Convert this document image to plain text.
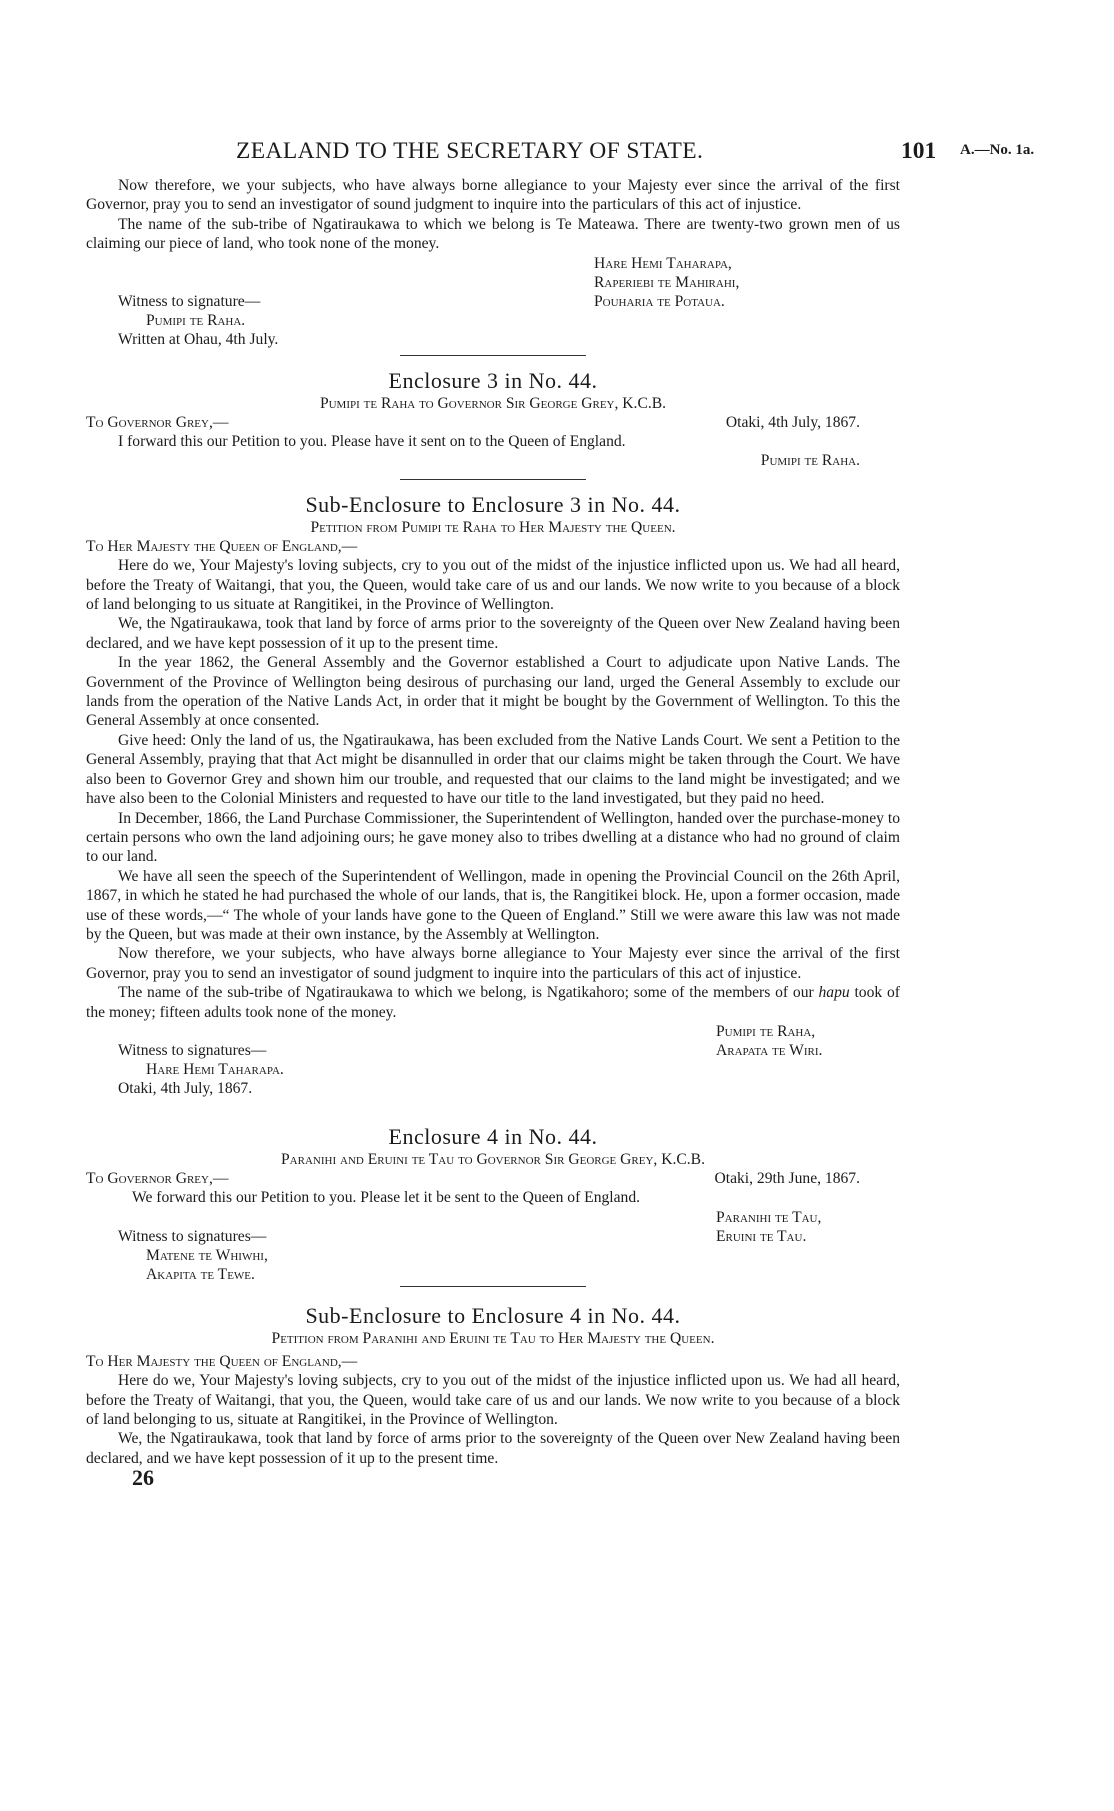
ZEALAND TO THE SECRETARY OF STATE.	101 A.—No. 1a.

Now therefore, we your subjects, who have always borne allegiance to your Majesty ever since the arrival of the first Governor, pray you to send an investigator of sound judgment to inquire into the particulars of this act of injustice.

The name of the sub-tribe of Ngatiraukawa to which we belong is Te Mateawa. There are twenty-two grown men of us claiming our piece of land, who took none of the money.

Hare Hemi Taharapa,
Raperiebi te Mahirahi,
Pouharia te Potaua.
Witness to signature—
Pumipi te Raha.
Written at Ohau, 4th July.
Enclosure 3 in No. 44.
Pumipi te Raha to Governor Sir George Grey, K.C.B.
To Governor Grey,—	Otaki, 4th July, 1867.
I forward this our Petition to you. Please have it sent on to the Queen of England.
Pumipi te Raha.
Sub-Enclosure to Enclosure 3 in No. 44.
Petition from Pumipi te Raha to Her Majesty the Queen.
To Her Majesty the Queen of England,—

Here do we, Your Majesty's loving subjects, cry to you out of the midst of the injustice inflicted upon us. We had all heard, before the Treaty of Waitangi, that you, the Queen, would take care of us and our lands. We now write to you because of a block of land belonging to us situate at Rangitikei, in the Province of Wellington.

We, the Ngatiraukawa, took that land by force of arms prior to the sovereignty of the Queen over New Zealand having been declared, and we have kept possession of it up to the present time.

In the year 1862, the General Assembly and the Governor established a Court to adjudicate upon Native Lands. The Government of the Province of Wellington being desirous of purchasing our land, urged the General Assembly to exclude our lands from the operation of the Native Lands Act, in order that it might be bought by the Government of Wellington. To this the General Assembly at once consented.

Give heed: Only the land of us, the Ngatiraukawa, has been excluded from the Native Lands Court. We sent a Petition to the General Assembly, praying that that Act might be disannulled in order that our claims might be taken through the Court. We have also been to Governor Grey and shown him our trouble, and requested that our claims to the land might be investigated; and we have also been to the Colonial Ministers and requested to have our title to the land investigated, but they paid no heed.

In December, 1866, the Land Purchase Commissioner, the Superintendent of Wellington, handed over the purchase-money to certain persons who own the land adjoining ours; he gave money also to tribes dwelling at a distance who had no ground of claim to our land.

We have all seen the speech of the Superintendent of Wellingon, made in opening the Provincial Council on the 26th April, 1867, in which he stated he had purchased the whole of our lands, that is, the Rangitikei block. He, upon a former occasion, made use of these words,—“ The whole of your lands have gone to the Queen of England.” Still we were aware this law was not made by the Queen, but was made at their own instance, by the Assembly at Wellington.

Now therefore, we your subjects, who have always borne allegiance to Your Majesty ever since the arrival of the first Governor, pray you to send an investigator of sound judgment to inquire into the particulars of this act of injustice.

The name of the sub-tribe of Ngatiraukawa to which we belong, is Ngatikahoro; some of the members of our hapu took of the money; fifteen adults took none of the money.

Pumipi te Raha,
Arapata te Wiri.
Witness to signatures—
Hare Hemi Taharapa.
Otaki, 4th July, 1867.
Enclosure 4 in No. 44.
Paranihi and Eruini te Tau to Governor Sir George Grey, K.C.B.
To Governor Grey,—	Otaki, 29th June, 1867.
We forward this our Petition to you. Please let it be sent to the Queen of England.
Paranihi te Tau,
Eruini te Tau.
Witness to signatures—
Matene te Whiwhi,
Akapita te Tewe.
Sub-Enclosure to Enclosure 4 in No. 44.
Petition from Paranihi and Eruini te Tau to Her Majesty the Queen.
To Her Majesty the Queen of England,—

Here do we, Your Majesty's loving subjects, cry to you out of the midst of the injustice inflicted upon us. We had all heard, before the Treaty of Waitangi, that you, the Queen, would take care of us and our lands. We now write to you because of a block of land belonging to us, situate at Rangitikei, in the Province of Wellington.

We, the Ngatiraukawa, took that land by force of arms prior to the sovereignty of the Queen over New Zealand having been declared, and we have kept possession of it up to the present time.

26
